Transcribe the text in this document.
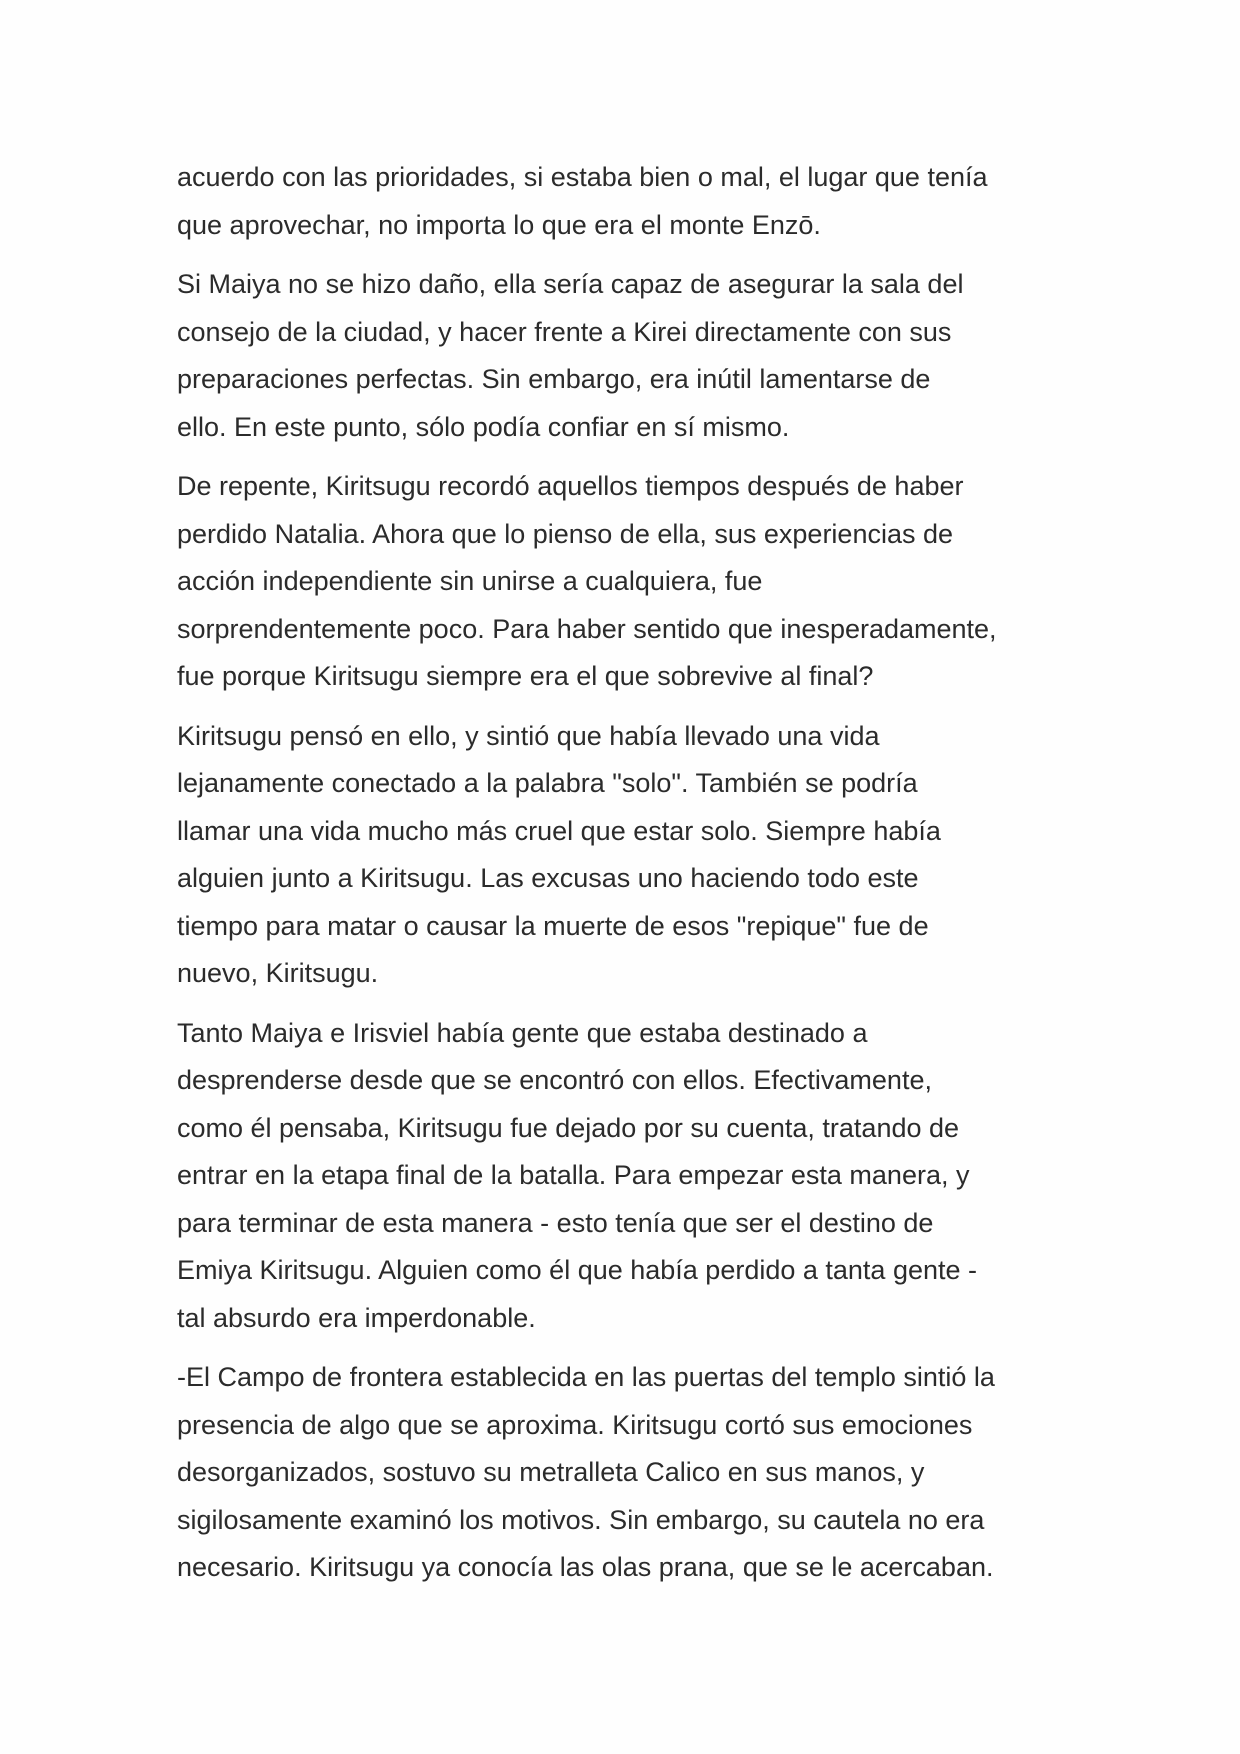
acuerdo con las prioridades, si estaba bien o mal, el lugar que tenía
que aprovechar, no importa lo que era el monte Enzō.

Si Maiya no se hizo daño, ella sería capaz de asegurar la sala del
consejo de la ciudad, y hacer frente a Kirei directamente con sus
preparaciones perfectas. Sin embargo, era inútil lamentarse de
ello. En este punto, sólo podía confiar en sí mismo.

De repente, Kiritsugu recordó aquellos tiempos después de haber
perdido Natalia. Ahora que lo pienso de ella, sus experiencias de
acción independiente sin unirse a cualquiera, fue
sorprendentemente poco. Para haber sentido que inesperadamente,
fue porque Kiritsugu siempre era el que sobrevive al final?

Kiritsugu pensó en ello, y sintió que había llevado una vida
lejanamente conectado a la palabra "solo". También se podría
llamar una vida mucho más cruel que estar solo. Siempre había
alguien junto a Kiritsugu. Las excusas uno haciendo todo este
tiempo para matar o causar la muerte de esos "repique" fue de
nuevo, Kiritsugu.

Tanto Maiya e Irisviel había gente que estaba destinado a
desprenderse desde que se encontró con ellos. Efectivamente,
como él pensaba, Kiritsugu fue dejado por su cuenta, tratando de
entrar en la etapa final de la batalla. Para empezar esta manera, y
para terminar de esta manera - esto tenía que ser el destino de
Emiya Kiritsugu. Alguien como él que había perdido a tanta gente -
tal absurdo era imperdonable.

-El Campo de frontera establecida en las puertas del templo sintió la
presencia de algo que se aproxima. Kiritsugu cortó sus emociones
desorganizados, sostuvo su metralleta Calico en sus manos, y
sigilosamente examinó los motivos. Sin embargo, su cautela no era
necesario. Kiritsugu ya conocía las olas prana, que se le acercaban.
